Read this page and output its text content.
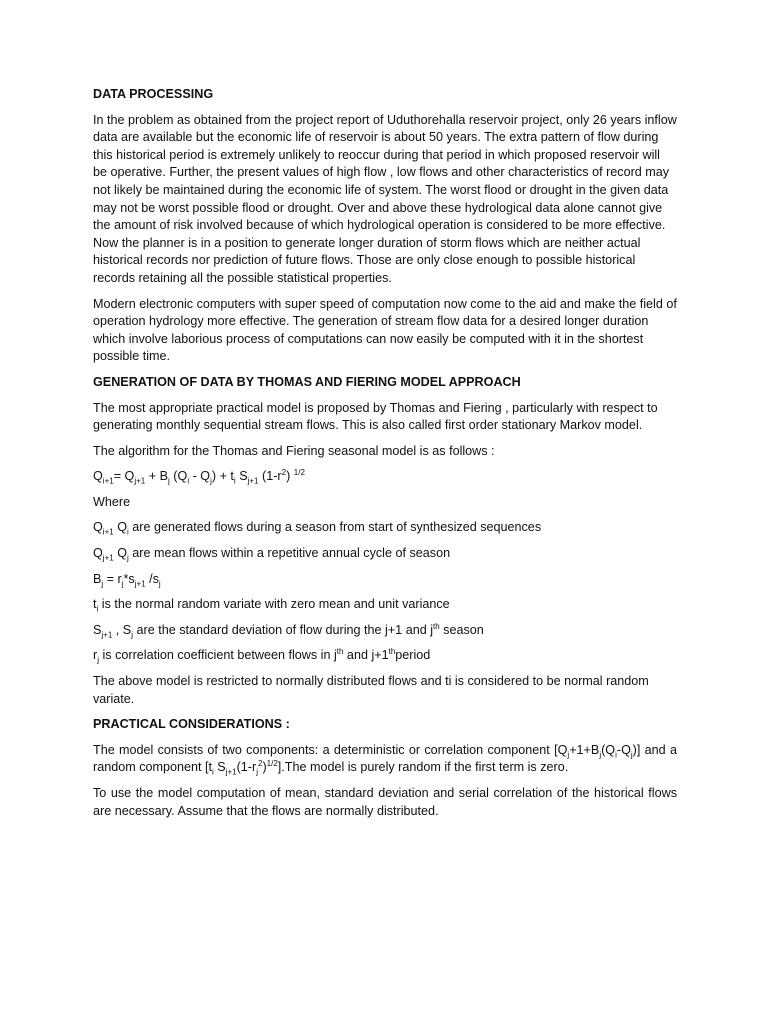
DATA PROCESSING

In the problem as obtained from the project report of Uduthorehalla reservoir project, only 26 years inflow data are available but the economic life of reservoir is about 50 years. The extra pattern of flow during this historical period is extremely unlikely to reoccur during that period in which proposed reservoir will be operative. Further, the present values of high flow , low flows and other characteristics of record may not likely be maintained during the economic life of system. The worst flood or drought in the given data may not be worst possible flood or drought. Over and above these hydrological data alone cannot give the amount of risk involved because of which hydrological operation is considered to be more effective. Now the planner is in a position to generate longer duration of storm flows which are neither actual historical records nor prediction of future flows. Those are only close enough to possible historical records retaining all the possible statistical properties.

Modern electronic computers with super speed of computation now come to the aid and make the field of operation hydrology more effective. The generation of stream flow data for a desired longer duration which involve laborious process of computations can now easily be computed with it in the shortest possible time.

GENERATION OF DATA BY THOMAS AND FIERING MODEL APPROACH

The most appropriate practical model is proposed by Thomas and Fiering , particularly with respect to generating monthly sequential stream flows. This is also called first order stationary Markov model.

The algorithm for the Thomas and Fiering seasonal model is as follows :

$Q_{i+1}= Q_{j+1} + B_j$ $(Q_i - Q_j) + t_i$ $S_{j+1}$ $(1-r^2)$ $^{1/2}$

Where

$Q_{i+1}$ $Q_i$ are generated flows during a season from start of synthesized sequences

$Q_{j+1}$ $Q_j$ are mean flows within a repetitive annual cycle of season

$B_j = r_j*s_{j+1}$ $/s_j$

$t_i$ is the normal random variate with zero mean and unit variance

$S_{j+1}$ , $S_j$ are the standard deviation of flow during the j+1 and $j^{th}$ season

$r_j$ is correlation coefficient between flows in $j^{th}$ and j+1thperiod

The above model is restricted to normally distributed flows and ti is considered to be normal random variate.

PRACTICAL CONSIDERATIONS :

The model consists of two components: a deterministic or correlation component $[Q_j+1+B_j(Q_i-Q_j)]$ and a random component [$t_i$ $S_{j+1}(1-r_j^2)^{1/2}].The$ model is purely random if the first term is zero.

To use the model computation of mean, standard deviation and serial correlation of the historical flows are necessary. Assume that the flows are normally distributed.
